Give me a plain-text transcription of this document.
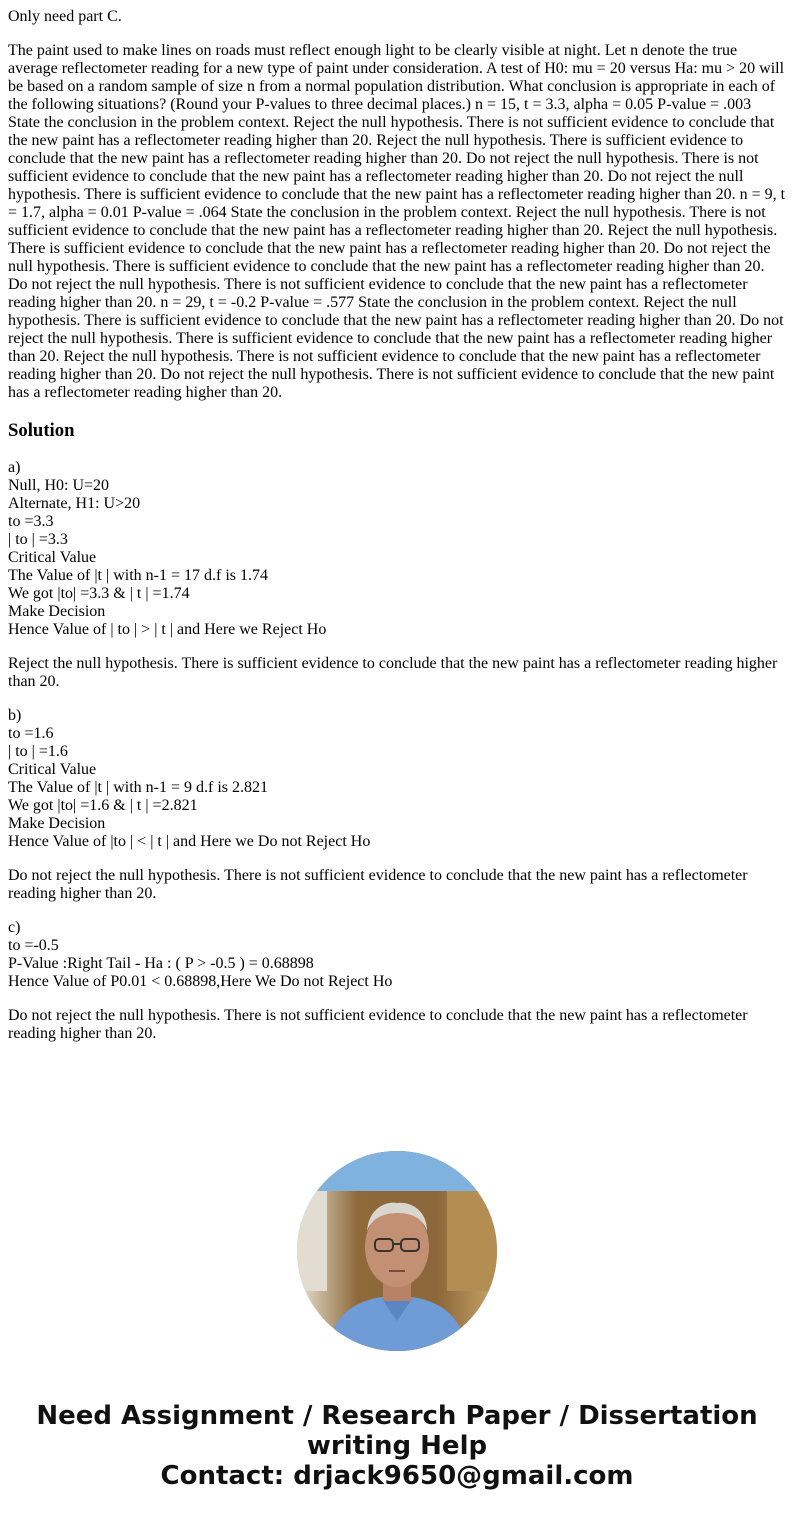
Only need part C.

The paint used to make lines on roads must reflect enough light to be clearly visible at night. Let n denote the true average reflectometer reading for a new type of paint under consideration. A test of H0: mu = 20 versus Ha: mu > 20 will be based on a random sample of size n from a normal population distribution. What conclusion is appropriate in each of the following situations? (Round your P-values to three decimal places.) n = 15, t = 3.3, alpha = 0.05 P-value = .003 State the conclusion in the problem context. Reject the null hypothesis. There is not sufficient evidence to conclude that the new paint has a reflectometer reading higher than 20. Reject the null hypothesis. There is sufficient evidence to conclude that the new paint has a reflectometer reading higher than 20. Do not reject the null hypothesis. There is not sufficient evidence to conclude that the new paint has a reflectometer reading higher than 20. Do not reject the null hypothesis. There is sufficient evidence to conclude that the new paint has a reflectometer reading higher than 20. n = 9, t = 1.7, alpha = 0.01 P-value = .064 State the conclusion in the problem context. Reject the null hypothesis. There is not sufficient evidence to conclude that the new paint has a reflectometer reading higher than 20. Reject the null hypothesis. There is sufficient evidence to conclude that the new paint has a reflectometer reading higher than 20. Do not reject the null hypothesis. There is sufficient evidence to conclude that the new paint has a reflectometer reading higher than 20. Do not reject the null hypothesis. There is not sufficient evidence to conclude that the new paint has a reflectometer reading higher than 20. n = 29, t = -0.2 P-value = .577 State the conclusion in the problem context. Reject the null hypothesis. There is sufficient evidence to conclude that the new paint has a reflectometer reading higher than 20. Do not reject the null hypothesis. There is sufficient evidence to conclude that the new paint has a reflectometer reading higher than 20. Reject the null hypothesis. There is not sufficient evidence to conclude that the new paint has a reflectometer reading higher than 20. Do not reject the null hypothesis. There is not sufficient evidence to conclude that the new paint has a reflectometer reading higher than 20.

Solution
a)
Null, H0: U=20
Alternate, H1: U>20
to =3.3
| to | =3.3
Critical Value
The Value of |t | with n-1 = 17 d.f is 1.74
We got |to| =3.3 & | t | =1.74
Make Decision
Hence Value of | to | > | t | and Here we Reject Ho

Reject the null hypothesis. There is sufficient evidence to conclude that the new paint has a reflectometer reading higher than 20.

b)
to =1.6
| to | =1.6
Critical Value
The Value of |t | with n-1 = 9 d.f is 2.821
We got |to| =1.6 & | t | =2.821
Make Decision
Hence Value of |to | < | t | and Here we Do not Reject Ho

Do not reject the null hypothesis. There is not sufficient evidence to conclude that the new paint has a reflectometer reading higher than 20.

c)
to =-0.5
P-Value :Right Tail - Ha : ( P > -0.5 ) = 0.68898
Hence Value of P0.01 < 0.68898,Here We Do not Reject Ho

Do not reject the null hypothesis. There is not sufficient evidence to conclude that the new paint has a reflectometer reading higher than 20.

Need Assignment / Research Paper / Dissertation
writing Help
Contact: drjack9650@gmail.com
